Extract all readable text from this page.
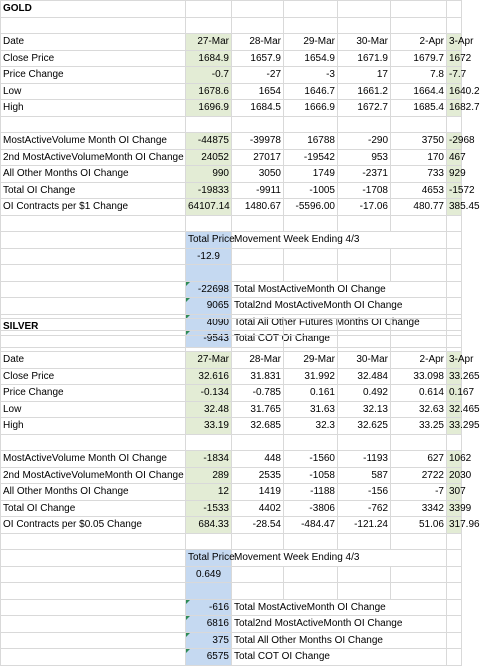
GOLD							

Date	27-Mar	28-Mar	29-Mar	30-Mar	2-Apr	3-Apr	
Close Price	1684.9	1657.9	1654.9	1671.9	1679.7	1672	
Price Change	-0.7	-27	-3	17	7.8	-7.7	
Low	1678.6	1654	1646.7	1661.2	1664.4	1640.2	
High	1696.9	1684.5	1666.9	1672.7	1685.4	1682.7	

MostActiveVolume Month OI Change	-44875	-39978	16788	-290	3750	-2968	
2nd MostActiveVolumeMonth OI Change	24052	27017	-19542	953	170	467	
All Other Months OI Change	990	3050	1749	-2371	733	929	
Total OI Change	-19833	-9911	-1005	-1708	4653	-1572	
OI Contracts per $1 Change	64107.14	1480.67	-5596.00	-17.06	480.77	385.45	

	Total Price	Movement Week Ending 4/3					
	-12.9						

	-22698	Total MostActiveMonth OI Change					
	9065	Total2nd MostActiveMonth OI Change					
	4090	Total All Other Futures Months OI Change					
	-9543	Total COT OI Change					
SILVER							

Date	27-Mar	28-Mar	29-Mar	30-Mar	2-Apr	3-Apr	
Close Price	32.616	31.831	31.992	32.484	33.098	33.265	
Price Change	-0.134	-0.785	0.161	0.492	0.614	0.167	
Low	32.48	31.765	31.63	32.13	32.63	32.465	
High	33.19	32.685	32.3	32.625	33.25	33.295	

MostActiveVolume Month OI Change	-1834	448	-1560	-1193	627	1062	
2nd MostActiveVolumeMonth OI Change	289	2535	-1058	587	2722	2030	
All Other Months OI Change	12	1419	-1188	-156	-7	307	
Total OI Change	-1533	4402	-3806	-762	3342	3399	
OI Contracts per $0.05 Change	684.33	-28.54	-484.47	-121.24	51.06	317.96	

	Total Price	Movement Week Ending 4/3					
	0.649						

	-616	Total MostActiveMonth OI Change					
	6816	Total2nd MostActiveMonth OI Change					
	375	Total All Other Months OI Change					
	6575	Total COT OI Change					
